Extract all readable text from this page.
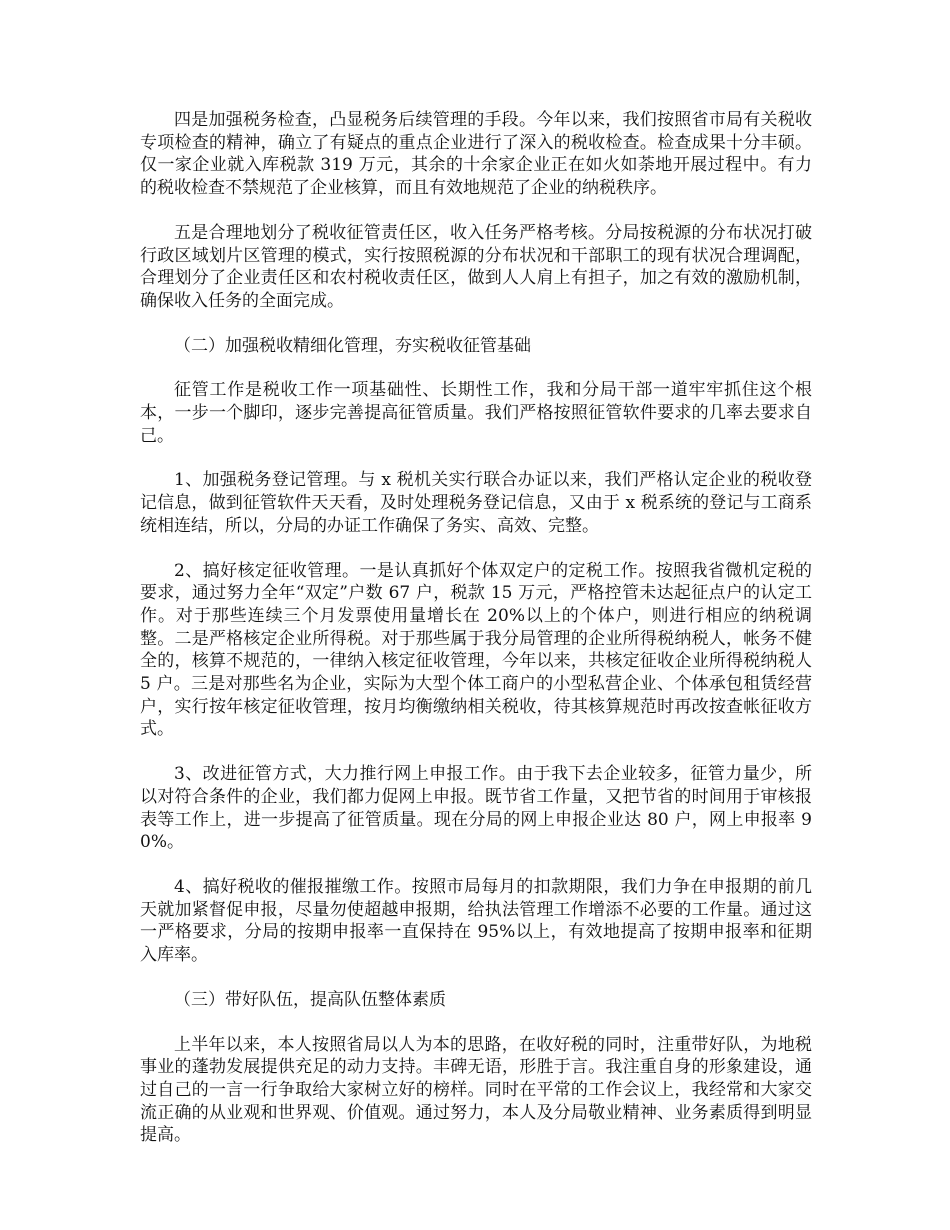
四是加强税务检查，凸显税务后续管理的手段。今年以来，我们按照省市局有关税收专项检查的精神，确立了有疑点的重点企业进行了深入的税收检查。检查成果十分丰硕。仅一家企业就入库税款 319 万元，其余的十余家企业正在如火如荼地开展过程中。有力的税收检查不禁规范了企业核算，而且有效地规范了企业的纳税秩序。

五是合理地划分了税收征管责任区，收入任务严格考核。分局按税源的分布状况打破行政区域划片区管理的模式，实行按照税源的分布状况和干部职工的现有状况合理调配，合理划分了企业责任区和农村税收责任区，做到人人肩上有担子，加之有效的激励机制，确保收入任务的全面完成。

（二）加强税收精细化管理，夯实税收征管基础

征管工作是税收工作一项基础性、长期性工作，我和分局干部一道牢牢抓住这个根本，一步一个脚印，逐步完善提高征管质量。我们严格按照征管软件要求的几率去要求自己。

1、加强税务登记管理。与 x 税机关实行联合办证以来，我们严格认定企业的税收登记信息，做到征管软件天天看，及时处理税务登记信息，又由于 x 税系统的登记与工商系统相连结，所以，分局的办证工作确保了务实、高效、完整。

2、搞好核定征收管理。一是认真抓好个体双定户的定税工作。按照我省微机定税的要求，通过努力全年“双定”户数 67 户，税款 15 万元，严格控管未达起征点户的认定工作。对于那些连续三个月发票使用量增长在 20%以上的个体户，则进行相应的纳税调整。二是严格核定企业所得税。对于那些属于我分局管理的企业所得税纳税人，帐务不健全的，核算不规范的，一律纳入核定征收管理，今年以来，共核定征收企业所得税纳税人 5 户。三是对那些名为企业，实际为大型个体工商户的小型私营企业、个体承包租赁经营户，实行按年核定征收管理，按月均衡缴纳相关税收，待其核算规范时再改按查帐征收方式。

3、改进征管方式，大力推行网上申报工作。由于我下去企业较多，征管力量少，所以对符合条件的企业，我们都力促网上申报。既节省工作量，又把节省的时间用于审核报表等工作上，进一步提高了征管质量。现在分局的网上申报企业达 80 户，网上申报率 90%。

4、搞好税收的催报摧缴工作。按照市局每月的扣款期限，我们力争在申报期的前几天就加紧督促申报，尽量勿使超越申报期，给执法管理工作增添不必要的工作量。通过这一严格要求，分局的按期申报率一直保持在 95%以上，有效地提高了按期申报率和征期入库率。

（三）带好队伍，提高队伍整体素质

上半年以来，本人按照省局以人为本的思路，在收好税的同时，注重带好队，为地税事业的蓬勃发展提供充足的动力支持。丰碑无语，形胜于言。我注重自身的形象建设，通过自己的一言一行争取给大家树立好的榜样。同时在平常的工作会议上，我经常和大家交流正确的从业观和世界观、价值观。通过努力，本人及分局敬业精神、业务素质得到明显提高。
